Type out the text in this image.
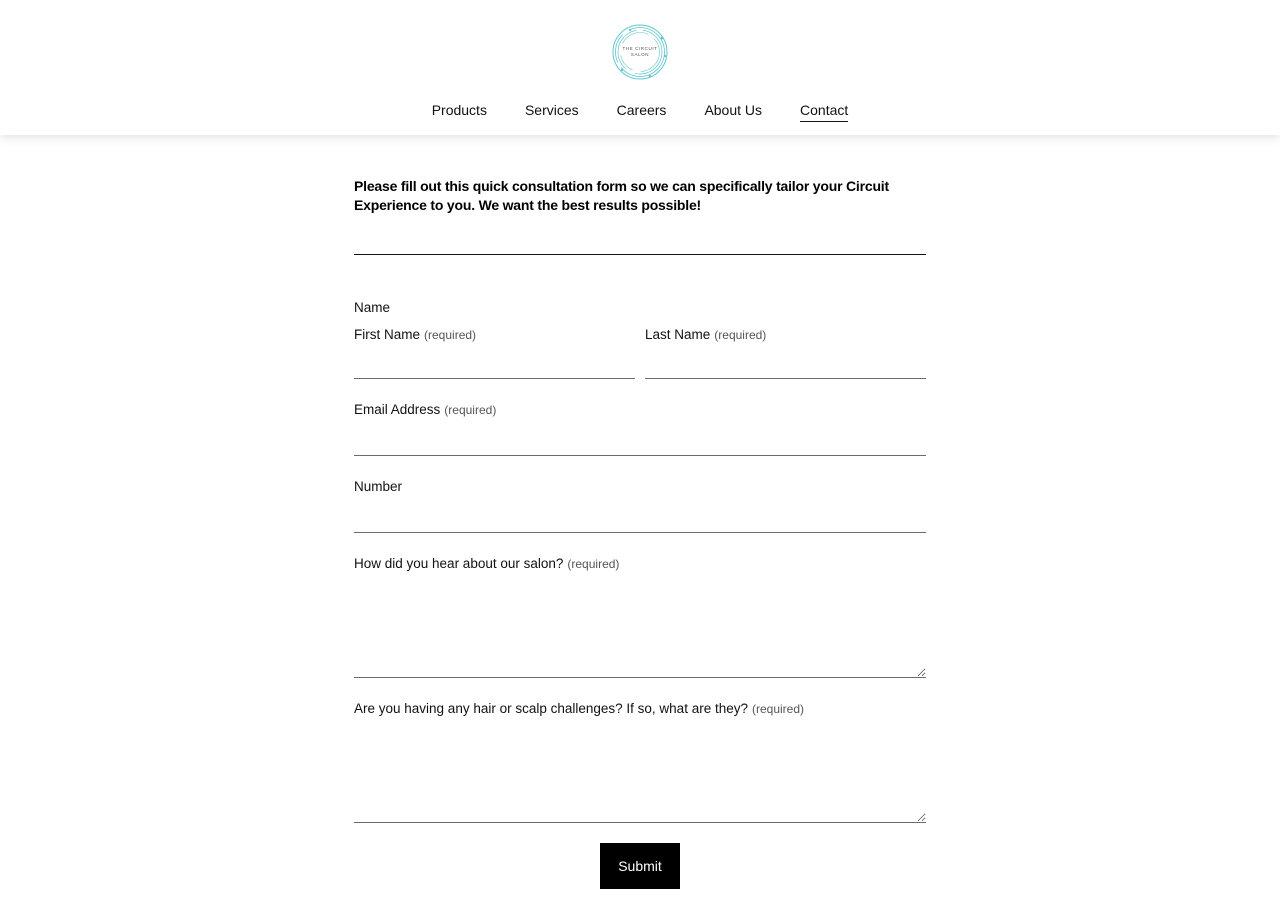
THE CIRCUIT
SALON
Products	Services	Careers	About Us	Contact

Please fill out this quick consultation form so we can specifically tailor your Circuit Experience to you. We want the best results possible!

Name
First Name (required)	Last Name (required)
Email Address (required)
Number
How did you hear about our salon? (required)
Are you having any hair or scalp challenges? If so, what are they? (required)
Submit
